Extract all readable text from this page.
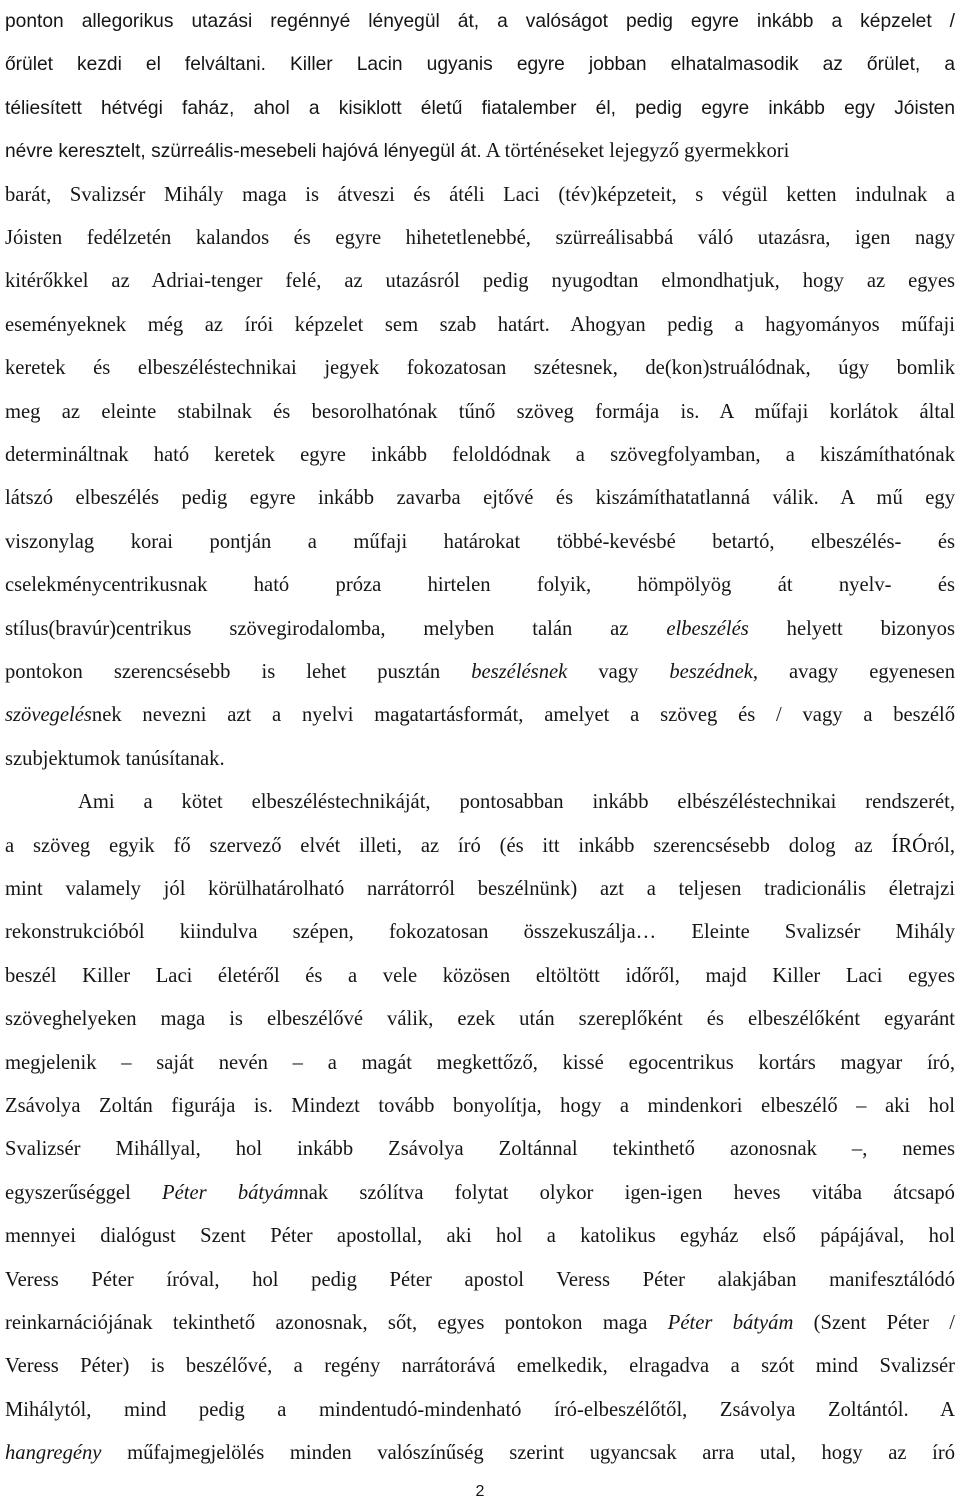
ponton allegorikus utazási regénnyé lényegül át, a valóságot pedig egyre inkább a képzelet /
őrület kezdi el felváltani. Killer Lacin ugyanis egyre jobban elhatalmasodik az őrület, a
téliesített hétvégi faház, ahol a kisiklott életű fiatalember él, pedig egyre inkább egy Jóisten
névre keresztelt, szürreális-mesebeli hajóvá lényegül át. A történéseket lejegyző gyermekkori
barát, Svalizsér Mihály maga is átveszi és átéli Laci (tév)képzeteit, s végül ketten indulnak a
Jóisten fedélzetén kalandos és egyre hihetetlenebbé, szürreálisabbá váló utazásra, igen nagy
kitérőkkel az Adriai-tenger felé, az utazásról pedig nyugodtan elmondhatjuk, hogy az egyes
eseményeknek még az írói képzelet sem szab határt. Ahogyan pedig a hagyományos műfaji
keretek és elbeszéléstechnikai jegyek fokozatosan szétesnek, de(kon)struálódnak, úgy bomlik
meg az eleinte stabilnak és besorolhatónak tűnő szöveg formája is. A műfaji korlátok által
determináltnak ható keretek egyre inkább feloldódnak a szövegfolyamban, a kiszámíthatónak
látszó elbeszélés pedig egyre inkább zavarba ejtővé és kiszámíthatatlanná válik. A mű egy
viszonylag korai pontján a műfaji határokat többé-kevésbé betartó, elbeszélés- és
cselekménycentrikusnak ható próza hirtelen folyik, hömpölyög át nyelv- és
stílus(bravúr)centrikus szövegirodalomba, melyben talán az elbeszélés helyett bizonyos
pontokon szerencsésebb is lehet pusztán beszélésnek vagy beszédnek, avagy egyenesen
szövegelésnek nevezni azt a nyelvi magatartásformát, amelyet a szöveg és / vagy a beszélő
szubjektumok tanúsítanak.
Ami a kötet elbeszéléstechnikáját, pontosabban inkább elbészéléstechnikai rendszerét,
a szöveg egyik fő szervező elvét illeti, az író (és itt inkább szerencsésebb dolog az ÍRÓról,
mint valamely jól körülhatárolható narrátorról beszélnünk) azt a teljesen tradicionális életrajzi
rekonstrukcióból kiindulva szépen, fokozatosan összekuszálja… Eleinte Svalizsér Mihály
beszél Killer Laci életéről és a vele közösen eltöltött időről, majd Killer Laci egyes
szöveghelyeken maga is elbeszélővé válik, ezek után szereplőként és elbeszélőként egyaránt
megjelenik – saját nevén – a magát megkettőző, kissé egocentrikus kortárs magyar író,
Zsávolya Zoltán figurája is. Mindezt tovább bonyolítja, hogy a mindenkori elbeszélő – aki hol
Svalizsér Mihállyal, hol inkább Zsávolya Zoltánnal tekinthető azonosnak –, nemes
egyszerűséggel Péter bátyámnak szólítva folytat olykor igen-igen heves vitába átcsapó
mennyei dialógust Szent Péter apostollal, aki hol a katolikus egyház első pápájával, hol
Veress Péter íróval, hol pedig Péter apostol Veress Péter alakjában manifesztálódó
reinkarnációjának tekinthető azonosnak, sőt, egyes pontokon maga Péter bátyám (Szent Péter /
Veress Péter) is beszélővé, a regény narrátorává emelkedik, elragadva a szót mind Svalizsér
Mihálytól, mind pedig a mindentudó-mindenható író-elbeszélőtől, Zsávolya Zoltántól. A
hangregény műfajmegjelölés minden valószínűség szerint ugyancsak arra utal, hogy az író
2
